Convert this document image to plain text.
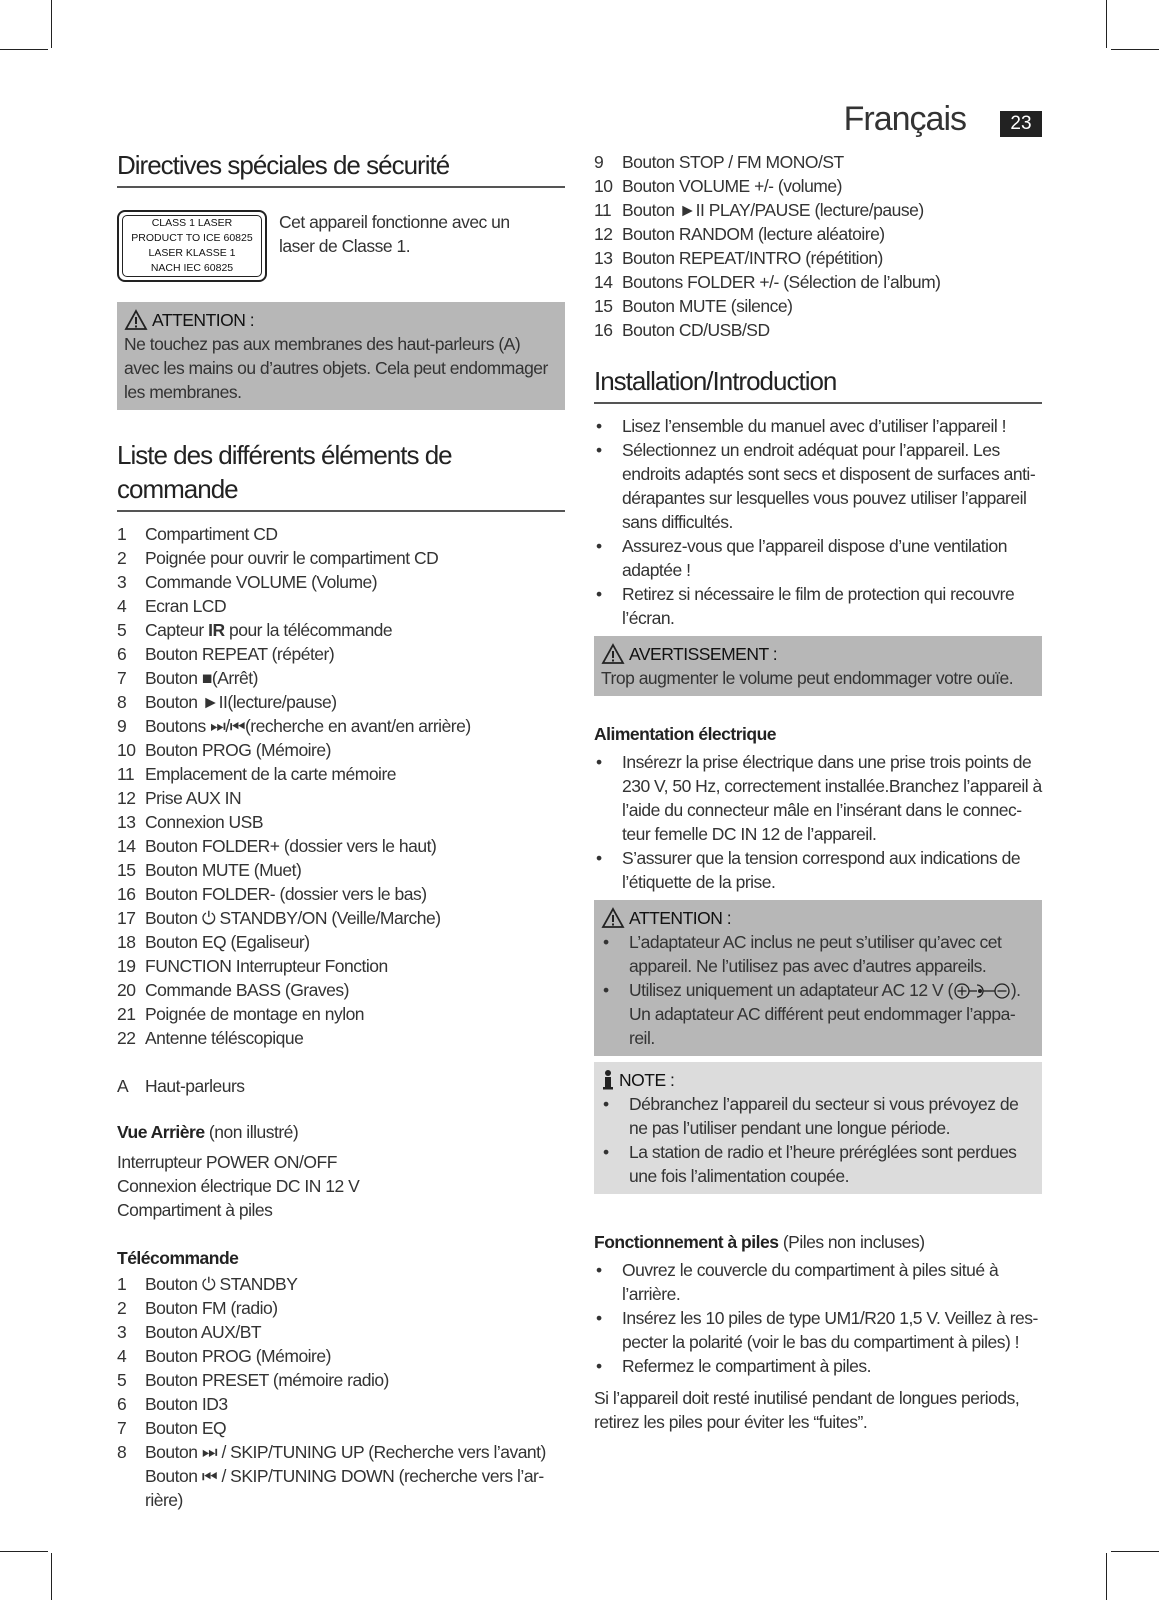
Français	23
Directives spéciales de sécurité
CLASS 1 LASER
PRODUCT TO ICE 60825
LASER KLASSE 1
NACH IEC 60825
Cet appareil fonctionne avec un laser de Classe 1.
ATTENTION :
Ne touchez pas aux membranes des haut-parleurs (A) avec les mains ou d’autres objets. Cela peut endommager les membranes.
Liste des différents éléments de commande
1 Compartiment CD
2 Poignée pour ouvrir le compartiment CD
3 Commande VOLUME (Volume)
4 Ecran LCD
5 Capteur IR pour la télécommande
6 Bouton REPEAT (répéter)
7 Bouton ■(Arrêt)
8 Bouton ►II(lecture/pause)
9 Boutons ⏭/⏮(recherche en avant/en arrière)
10 Bouton PROG (Mémoire)
11 Emplacement de la carte mémoire
12 Prise AUX IN
13 Connexion USB
14 Bouton FOLDER+ (dossier vers le haut)
15 Bouton MUTE (Muet)
16 Bouton FOLDER- (dossier vers le bas)
17 Bouton ⏻ STANDBY/ON (Veille/Marche)
18 Bouton EQ (Egaliseur)
19 FUNCTION Interrupteur Fonction
20 Commande BASS (Graves)
21 Poignée de montage en nylon
22 Antenne téléscopique
A Haut-parleurs
Vue Arrière (non illustré)
Interrupteur POWER ON/OFF
Connexion électrique DC IN 12 V
Compartiment à piles
Télécommande
1 Bouton ⏻ STANDBY
2 Bouton FM (radio)
3 Bouton AUX/BT
4 Bouton PROG (Mémoire)
5 Bouton PRESET (mémoire radio)
6 Bouton ID3
7 Bouton EQ
8 Bouton ⏭ / SKIP/TUNING UP (Recherche vers l’avant)
Bouton ⏮ / SKIP/TUNING DOWN (recherche vers l’ar-rière)
9 Bouton STOP / FM MONO/ST
10 Bouton VOLUME +/- (volume)
11 Bouton ►II PLAY/PAUSE (lecture/pause)
12 Bouton RANDOM (lecture aléatoire)
13 Bouton REPEAT/INTRO (répétition)
14 Boutons FOLDER +/- (Sélection de l’album)
15 Bouton MUTE (silence)
16 Bouton CD/USB/SD
Installation/Introduction
• Lisez l’ensemble du manuel avec d’utiliser l’appareil !
• Sélectionnez un endroit adéquat pour l’appareil. Les endroits adaptés sont secs et disposent de surfaces anti-dérapantes sur lesquelles vous pouvez utiliser l’appareil sans difficultés.
• Assurez-vous que l’appareil dispose d’une ventilation adaptée !
• Retirez si nécessaire le film de protection qui recouvre l’écran.
AVERTISSEMENT :
Trop augmenter le volume peut endommager votre ouïe.
Alimentation électrique
• Insérezr la prise électrique dans une prise trois points de 230 V, 50 Hz, correctement installée.Branchez l’appareil à l’aide du connecteur mâle en l’insérant dans le connec-teur femelle DC IN 12 de l’appareil.
• S’assurer que la tension correspond aux indications de l’étiquette de la prise.
ATTENTION :
• L’adaptateur AC inclus ne peut s’utiliser qu’avec cet appareil. Ne l’utilisez pas avec d’autres appareils.
• Utilisez uniquement un adaptateur AC 12 V (	). Un adaptateur AC différent peut endommager l’appa-reil.
NOTE :
• Débranchez l’appareil du secteur si vous prévoyez de ne pas l’utiliser pendant une longue période.
• La station de radio et l’heure préréglées sont perdues une fois l’alimentation coupée.
Fonctionnement à piles (Piles non incluses)
• Ouvrez le couvercle du compartiment à piles situé à l’arrière.
• Insérez les 10 piles de type UM1/R20 1,5 V. Veillez à res-pecter la polarité (voir le bas du compartiment à piles) !
• Refermez le compartiment à piles.
Si l’appareil doit resté inutilisé pendant de longues periods, retirez les piles pour éviter les “fuites”.
